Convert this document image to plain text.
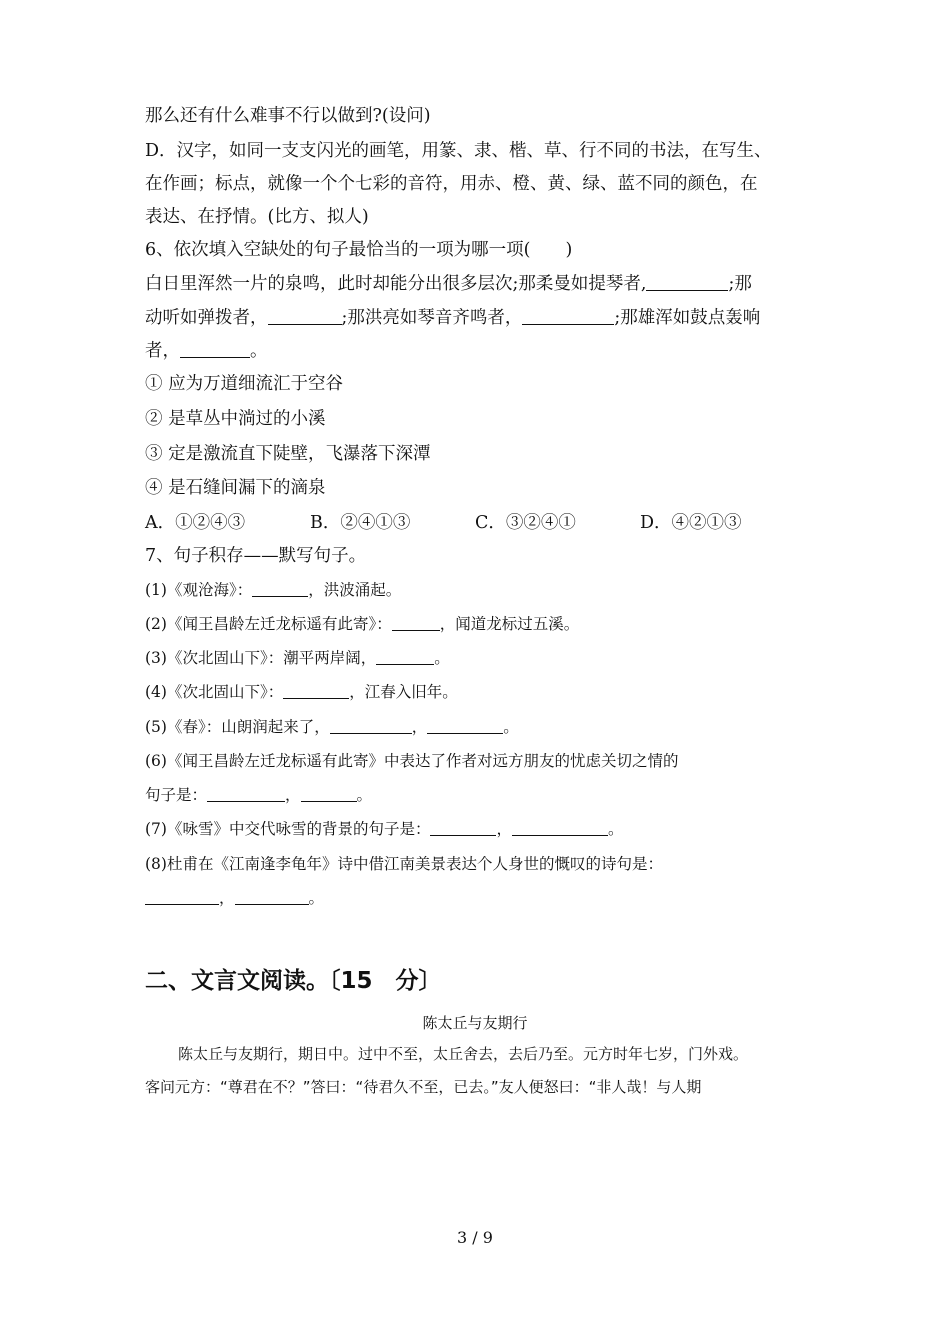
那么还有什么难事不行以做到?(设问)
D．汉字，如同一支支闪光的画笔，用篆、隶、楷、草、行不同的书法，在写生、
在作画；标点，就像一个个七彩的音符，用赤、橙、黄、绿、蓝不同的颜色，在
表达、在抒情。(比方、拟人)
6、依次填入空缺处的句子最恰当的一项为哪一项(　　)
白日里浑然一片的泉鸣，此时却能分出很多层次;那柔曼如提琴者,	;那
动听如弹拨者，	;那洪亮如琴音齐鸣者，	;那雄浑如鼓点轰响
者，	。
① 应为万道细流汇于空谷
② 是草丛中淌过的小溪
③ 定是激流直下陡壁，飞瀑落下深潭
④ 是石缝间漏下的滴泉
A．①②④③	B．②④①③	C．③②④①	D．④②①③
7、句子积存——默写句子。
(1)《观沧海》：	，洪波涌起。
(2)《闻王昌龄左迁龙标遥有此寄》：	，闻道龙标过五溪。
(3)《次北固山下》：潮平两岸阔，	。
(4)《次北固山下》：	，江春入旧年。
(5)《春》：山朗润起来了，	，	。
(6)《闻王昌龄左迁龙标遥有此寄》中表达了作者对远方朋友的忧虑关切之情的
句子是：	，	。
(7)《咏雪》中交代咏雪的背景的句子是：	，	。
(8)杜甫在《江南逢李龟年》诗中借江南美景表达个人身世的慨叹的诗句是：
，	。
二、文言文阅读。〔15　分〕
陈太丘与友期行
陈太丘与友期行，期日中。过中不至，太丘舍去，去后乃至。元方时年七岁，门外戏。
客问元方：“尊君在不？”答曰：“待君久不至，已去。”友人便怒曰：“非人哉！与人期
3 / 9
